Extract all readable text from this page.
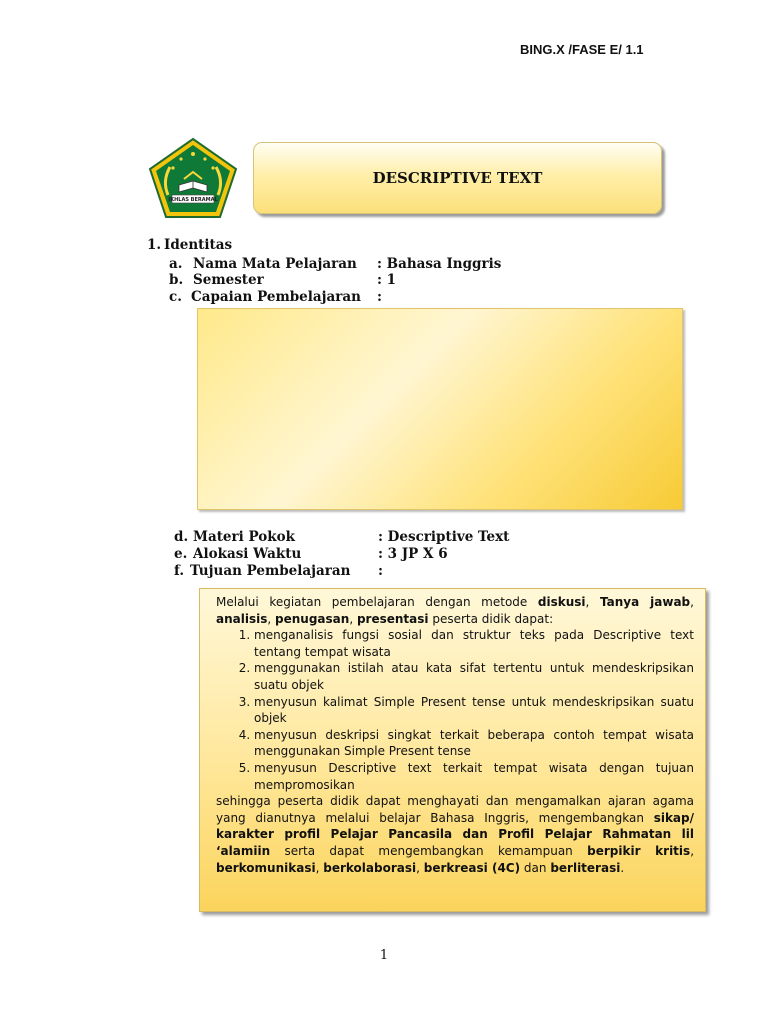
BING.X /FASE E/ 1.1
IKHLAS BERAMAL
DESCRIPTIVE TEXT
1. Identitas
a. Nama Mata Pelajaran : Bahasa Inggris
b. Semester	: 1
c. Capaian Pembelajaran :
d. Materi Pokok	: Descriptive Text
e. Alokasi Waktu	: 3 JP X 6
f. Tujuan Pembelajaran :

Melalui kegiatan pembelajaran dengan metode diskusi, Tanya jawab, analisis, penugasan, presentasi peserta didik dapat:

1. menganalisis fungsi sosial dan struktur teks pada Descriptive text tentang tempat wisata
2. menggunakan istilah atau kata sifat tertentu untuk mendeskripsikan suatu objek
3. menyusun kalimat Simple Present tense untuk mendeskripsikan suatu objek
4. menyusun deskripsi singkat terkait beberapa contoh tempat wisata menggunakan Simple Present tense
5. menyusun Descriptive text terkait tempat wisata dengan tujuan mempromosikan

sehingga peserta didik dapat menghayati dan mengamalkan ajaran agama yang dianutnya melalui belajar Bahasa Inggris, mengembangkan sikap/ karakter profil Pelajar Pancasila dan Profil Pelajar Rahmatan lil ‘alamiin serta dapat mengembangkan kemampuan berpikir kritis, berkomunikasi, berkolaborasi, berkreasi (4C) dan berliterasi.

1
